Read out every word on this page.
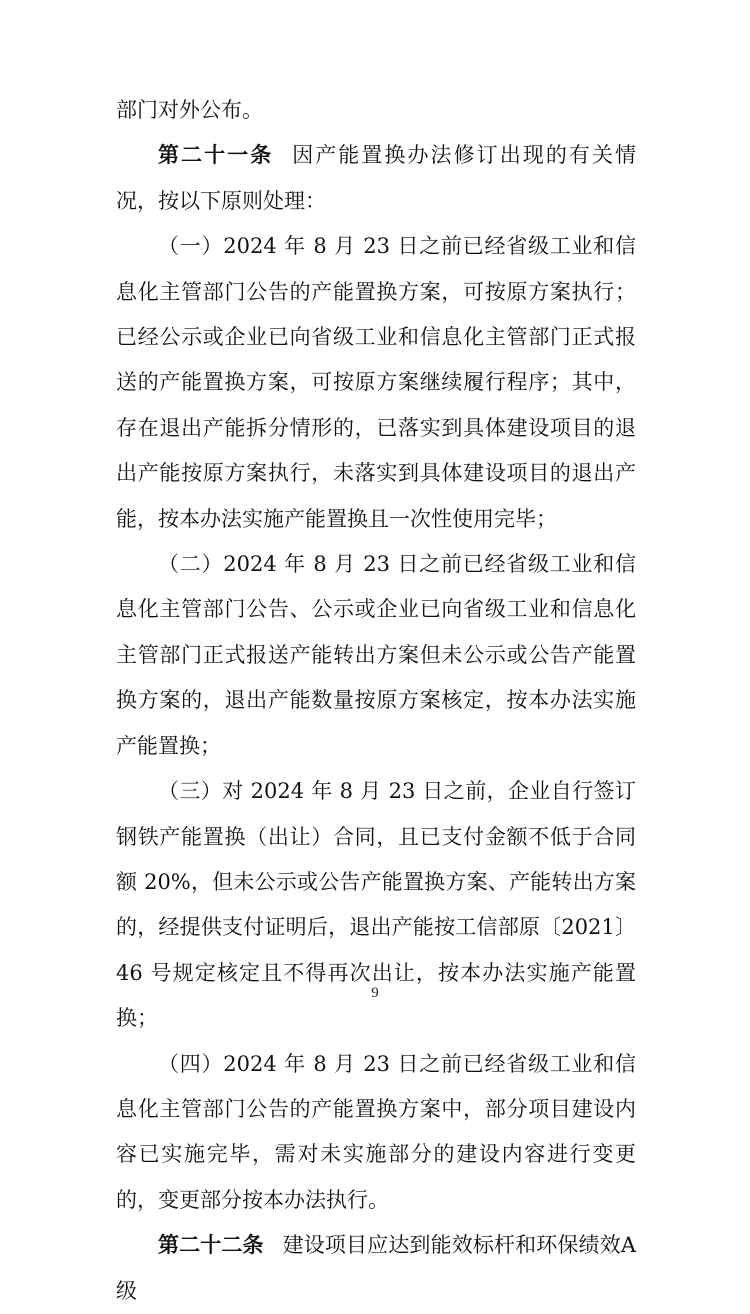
部门对外公布。

第二十一条 因产能置换办法修订出现的有关情况，按以下原则处理：

（一）2024 年 8 月 23 日之前已经省级工业和信息化主管部门公告的产能置换方案，可按原方案执行；已经公示或企业已向省级工业和信息化主管部门正式报送的产能置换方案，可按原方案继续履行程序；其中，存在退出产能拆分情形的，已落实到具体建设项目的退出产能按原方案执行，未落实到具体建设项目的退出产能，按本办法实施产能置换且一次性使用完毕；

（二）2024 年 8 月 23 日之前已经省级工业和信息化主管部门公告、公示或企业已向省级工业和信息化主管部门正式报送产能转出方案但未公示或公告产能置换方案的，退出产能数量按原方案核定，按本办法实施产能置换；

（三）对 2024 年 8 月 23 日之前，企业自行签订钢铁产能置换（出让）合同，且已支付金额不低于合同额 20%，但未公示或公告产能置换方案、产能转出方案的，经提供支付证明后，退出产能按工信部原〔2021〕46 号规定核定且不得再次出让，按本办法实施产能置换；

（四）2024 年 8 月 23 日之前已经省级工业和信息化主管部门公告的产能置换方案中，部分项目建设内容已实施完毕，需对未实施部分的建设内容进行变更的，变更部分按本办法执行。

第二十二条 建设项目应达到能效标杆和环保绩效A级

9
